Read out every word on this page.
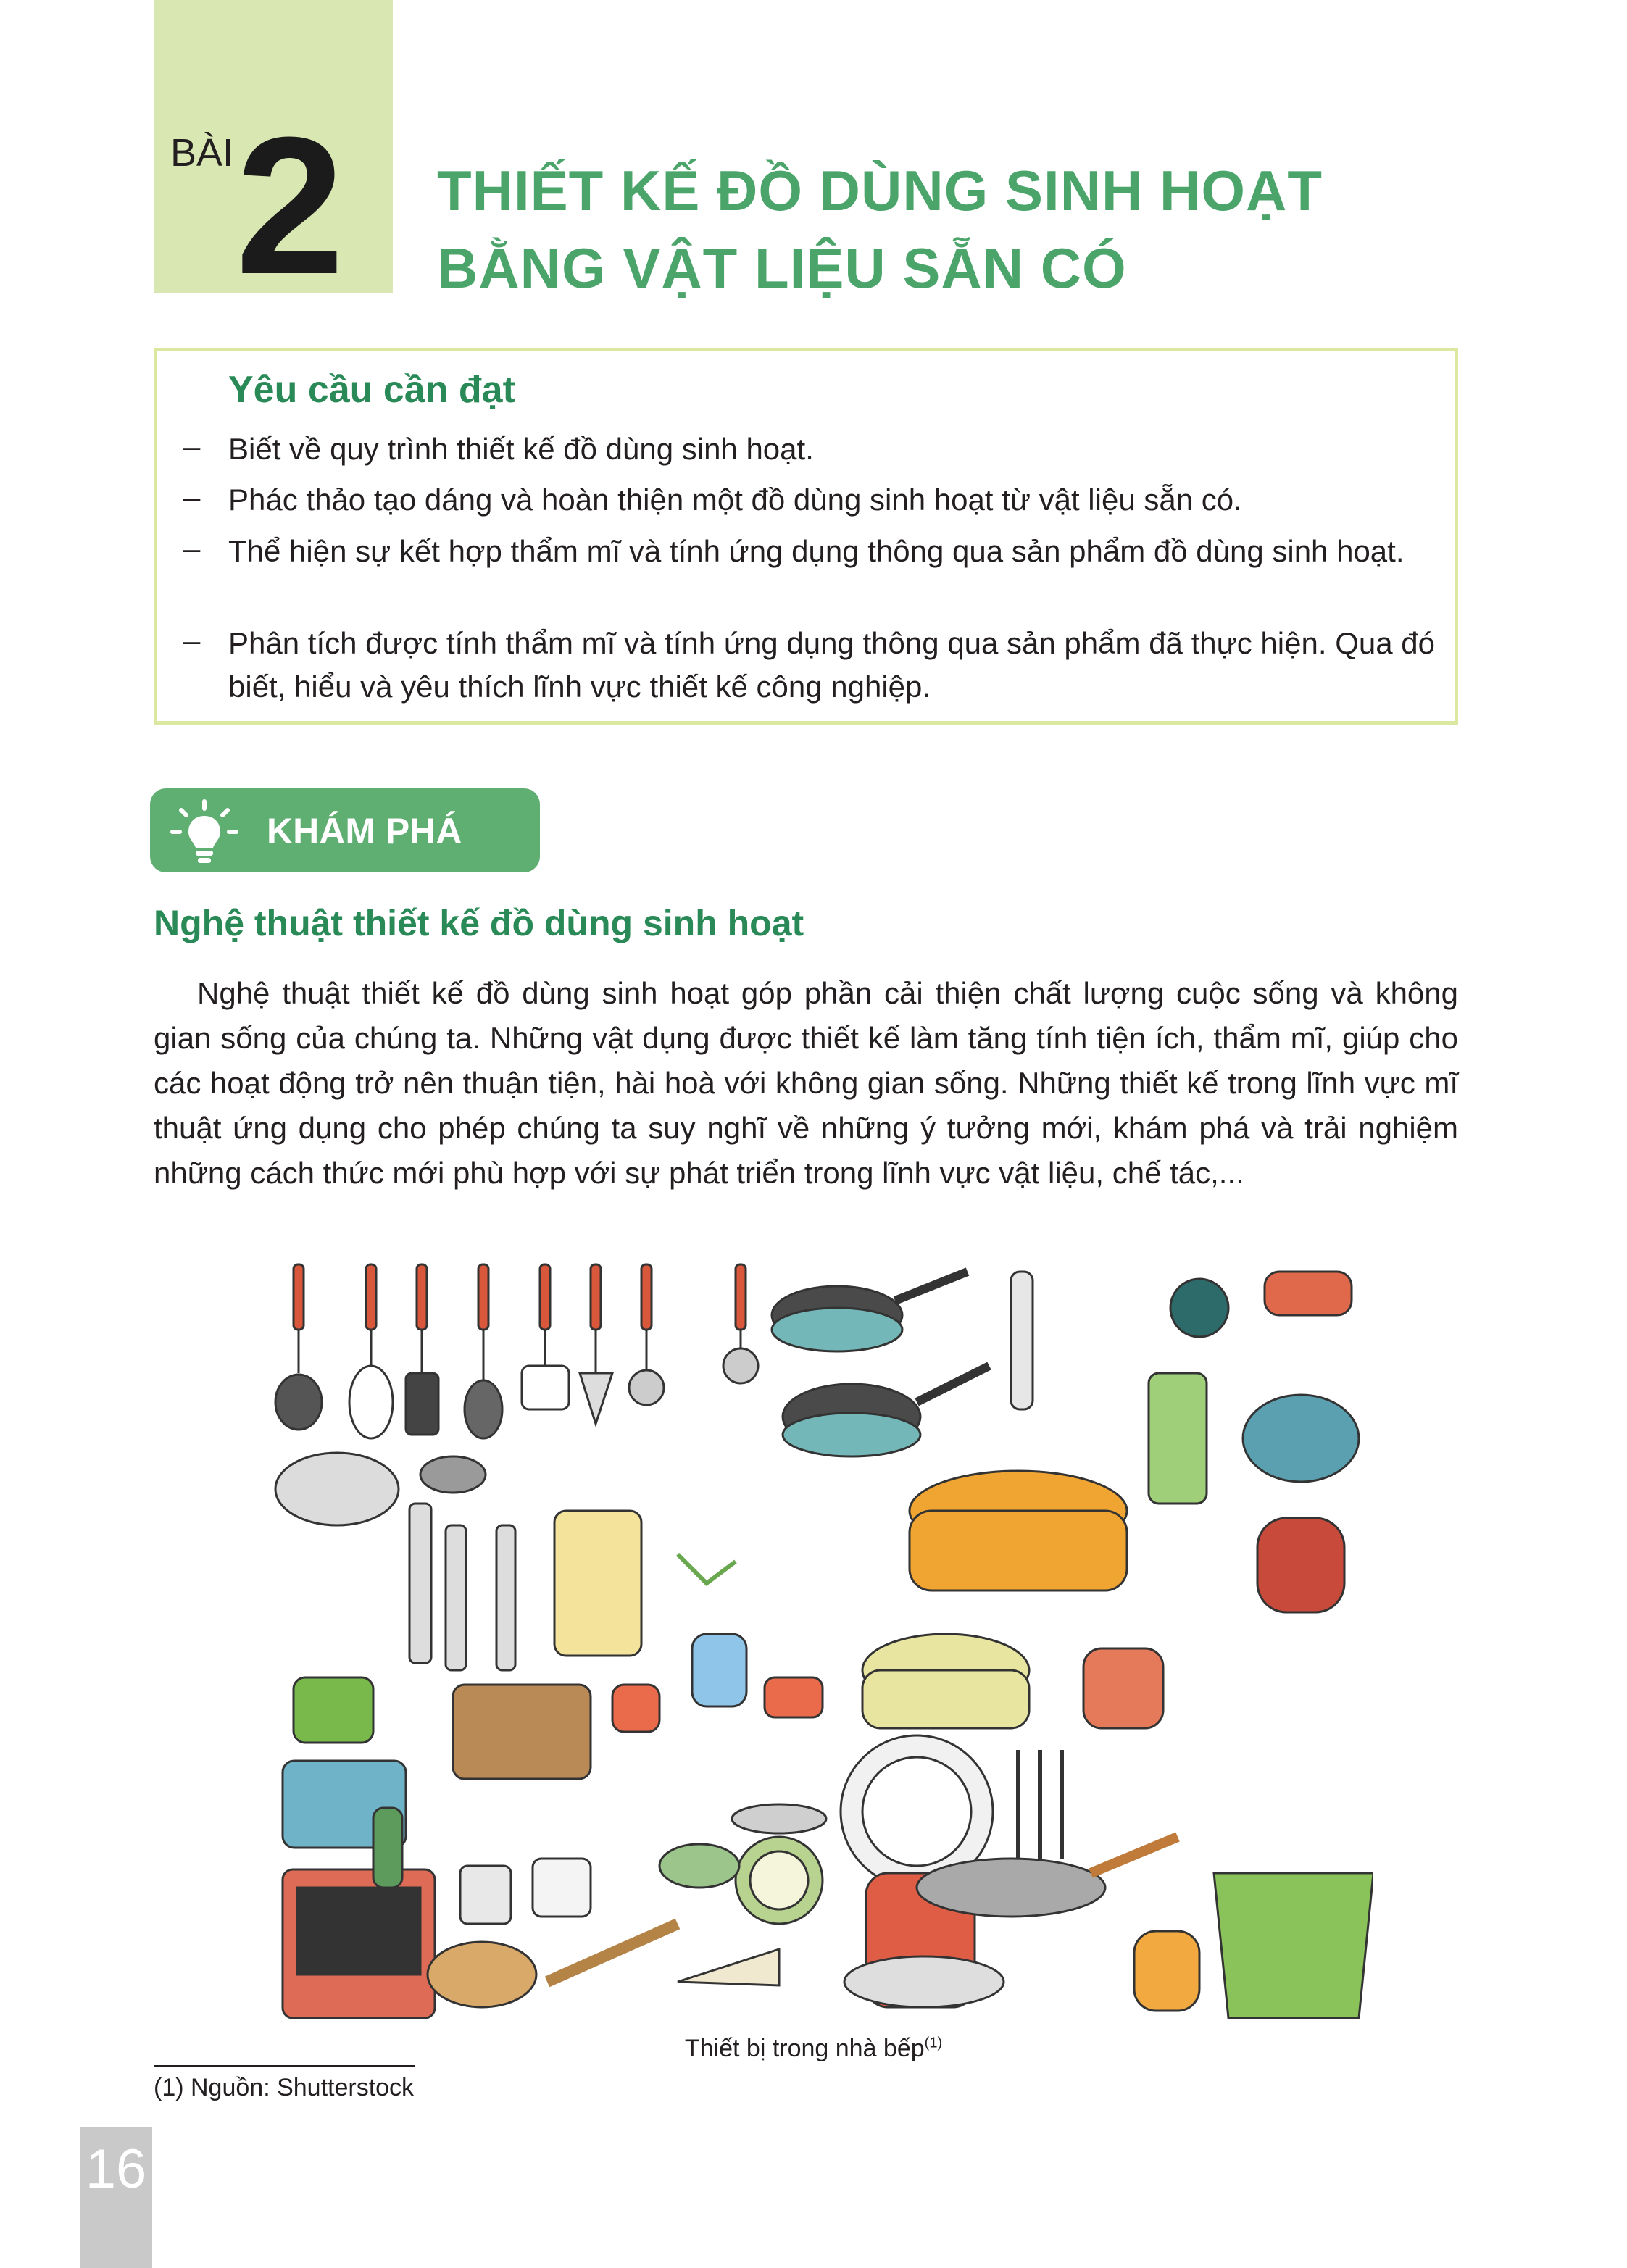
BÀI 2 THIẾT KẾ ĐỒ DÙNG SINH HOẠT
BẰNG VẬT LIỆU SẴN CÓ
Yêu cầu cần đạt
– Biết về quy trình thiết kế đồ dùng sinh hoạt.
– Phác thảo tạo dáng và hoàn thiện một đồ dùng sinh hoạt từ vật liệu sẵn có.
– Thể hiện sự kết hợp thẩm mĩ và tính ứng dụng thông qua sản phẩm đồ dùng sinh hoạt.
– Phân tích được tính thẩm mĩ và tính ứng dụng thông qua sản phẩm đã thực hiện. Qua đó biết, hiểu và yêu thích lĩnh vực thiết kế công nghiệp.
KHÁM PHÁ
Nghệ thuật thiết kế đồ dùng sinh hoạt
Nghệ thuật thiết kế đồ dùng sinh hoạt góp phần cải thiện chất lượng cuộc sống và không gian sống của chúng ta. Những vật dụng được thiết kế làm tăng tính tiện ích, thẩm mĩ, giúp cho các hoạt động trở nên thuận tiện, hài hoà với không gian sống. Những thiết kế trong lĩnh vực mĩ thuật ứng dụng cho phép chúng ta suy nghĩ về những ý tưởng mới, khám phá và trải nghiệm những cách thức mới phù hợp với sự phát triển trong lĩnh vực vật liệu, chế tác,...
Thiết bị trong nhà bếp$^{(1)}$
(1) Nguồn: Shutterstock
16
